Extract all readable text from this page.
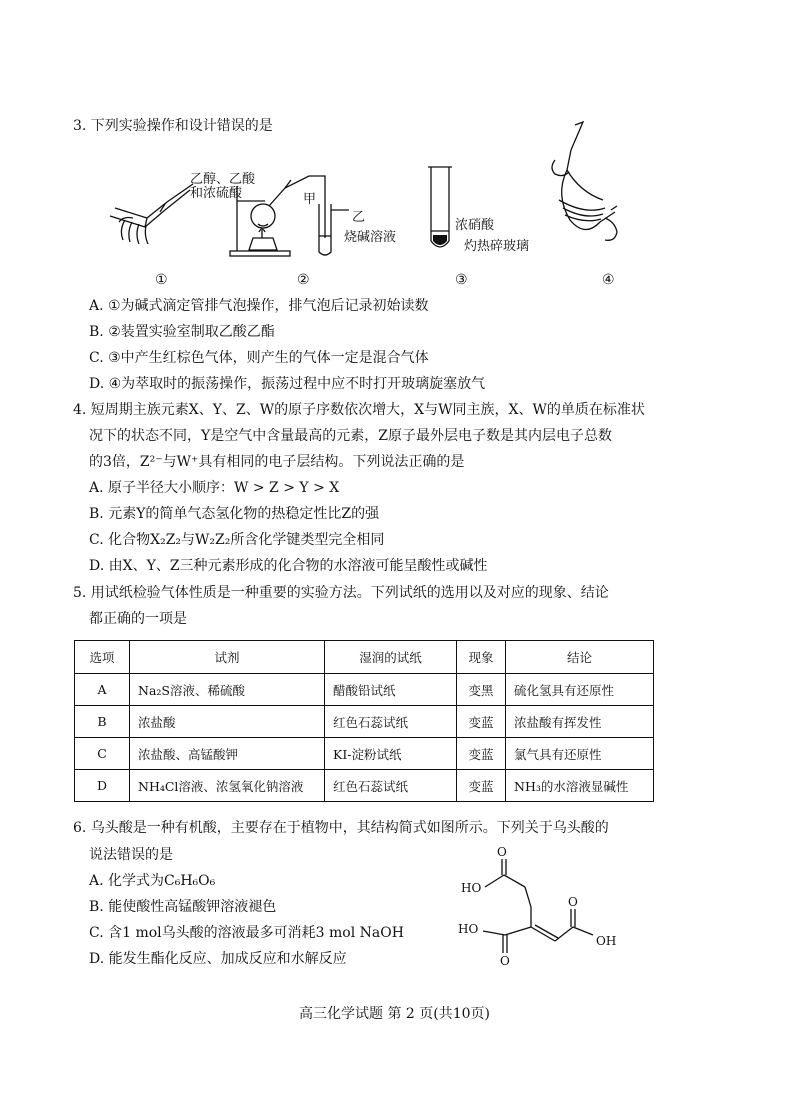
3. 下列实验操作和设计错误的是
乙醇、乙酸
和浓硫酸	甲
乙
烧碱溶液
浓硝酸
灼热碎玻璃
①	②	③	④
A. ①为碱式滴定管排气泡操作，排气泡后记录初始读数
B. ②装置实验室制取乙酸乙酯
C. ③中产生红棕色气体，则产生的气体一定是混合气体
D. ④为萃取时的振荡操作，振荡过程中应不时打开玻璃旋塞放气
4. 短周期主族元素X、Y、Z、W的原子序数依次增大，X与W同主族，X、W的单质在标准状
况下的状态不同，Y是空气中含量最高的元素，Z原子最外层电子数是其内层电子总数
的3倍，Z²⁻与W⁺具有相同的电子层结构。下列说法正确的是
A. 原子半径大小顺序：W > Z > Y > X
B. 元素Y的简单气态氢化物的热稳定性比Z的强
C. 化合物X₂Z₂与W₂Z₂所含化学键类型完全相同
D. 由X、Y、Z三种元素形成的化合物的水溶液可能呈酸性或碱性
5. 用试纸检验气体性质是一种重要的实验方法。下列试纸的选用以及对应的现象、结论
都正确的一项是
选项	试剂	湿润的试纸	现象	结论
A	Na₂S溶液、稀硫酸	醋酸铅试纸	变黑	硫化氢具有还原性
B	浓盐酸	红色石蕊试纸	变蓝	浓盐酸有挥发性
C	浓盐酸、高锰酸钾	KI-淀粉试纸	变蓝	氯气具有还原性
D	NH₄Cl溶液、浓氢氧化钠溶液	红色石蕊试纸	变蓝	NH₃的水溶液显碱性
6. 乌头酸是一种有机酸，主要存在于植物中，其结构简式如图所示。下列关于乌头酸的
说法错误的是
A. 化学式为C₆H₆O₆
B. 能使酸性高锰酸钾溶液褪色
C. 含1 mol乌头酸的溶液最多可消耗3 mol NaOH
D. 能发生酯化反应、加成反应和水解反应
O
HO
O
HO
OH
O
高三化学试题 第 2 页(共10页)
